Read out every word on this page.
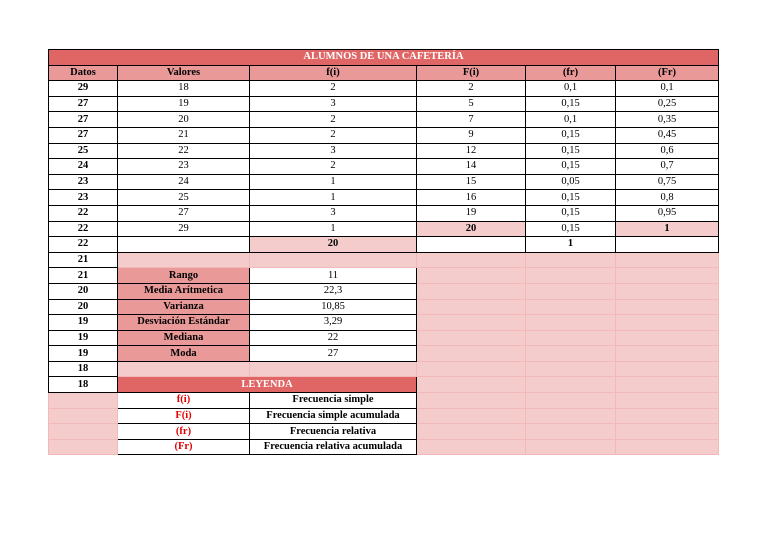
ALUMNOS DE UNA CAFETERÍA					
Datos	Valores	f(i)	F(i)	(fr)	(Fr)
29	18	2	2	0,1	0,1
27	19	3	5	0,15	0,25
27	20	2	7	0,1	0,35
27	21	2	9	0,15	0,45
25	22	3	12	0,15	0,6
24	23	2	14	0,15	0,7
23	24	1	15	0,05	0,75
23	25	1	16	0,15	0,8
22	27	3	19	0,15	0,95
22	29	1	20	0,15	1
22		20		1	
21					
21	Rango	11			
20	Media Arítmetica	22,3			
20	Varianza	10,85			
19	Desviación Estándar	3,29			
19	Mediana	22			
19	Moda	27			
18					
18	LEYENDA				
	f(i)	Frecuencia simple			
	F(i)	Frecuencia simple acumulada			
	(fr)	Frecuencia relativa			
	(Fr)	Frecuencia relativa acumulada			
